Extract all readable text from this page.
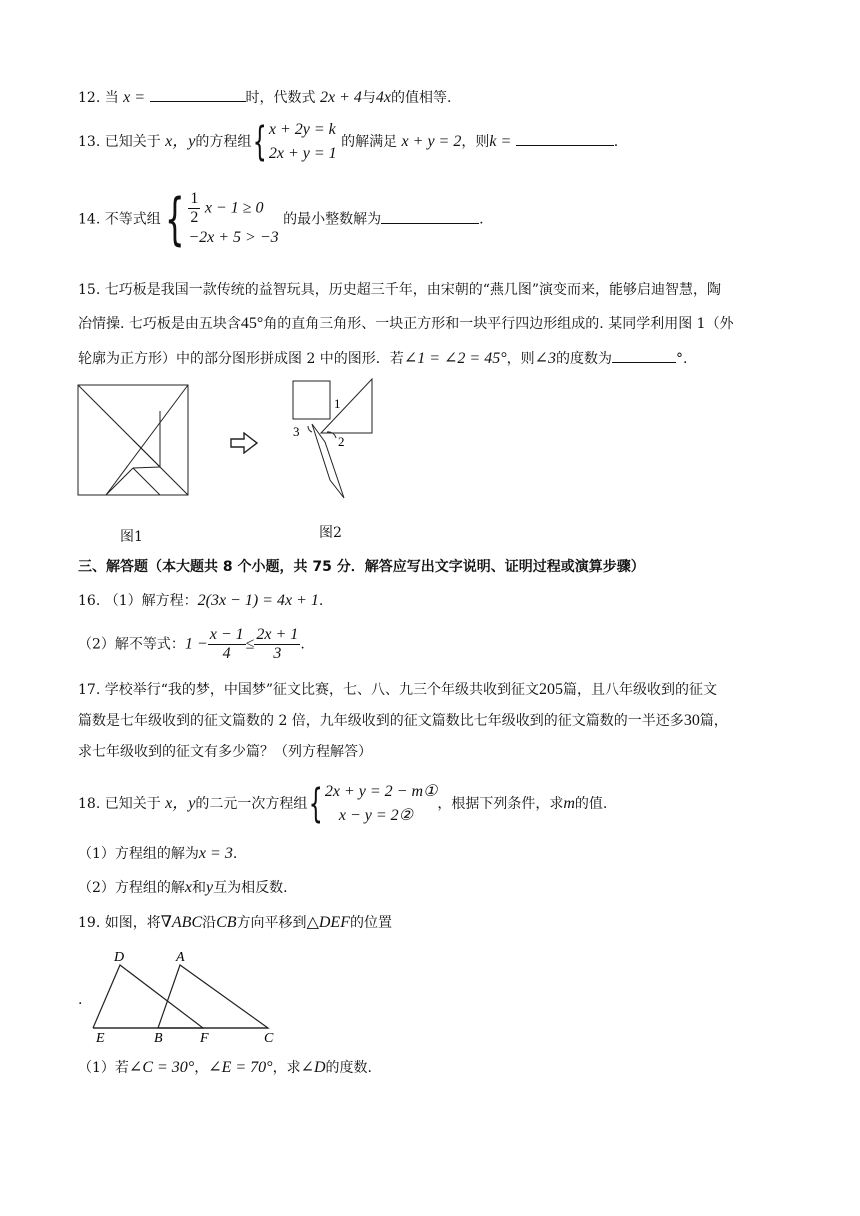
12. 当 x =	时，代数式 2x + 4与4x的值相等.
13. 已知关于 x，y的方程组{ x + 2y = k
2x + y = 1
的解满足 x + y = 2，则k =	.
14. 不等式组{ $\frac{1}{2}$ x − 1 ≥ 0
−2x + 5 > −3
的最小整数解为	.
15. 七巧板是我国一款传统的益智玩具，历史超三千年，由宋朝的“燕几图”演变而来，能够启迪智慧，陶
冶情操. 七巧板是由五块含45°角的直角三角形、一块正方形和一块平行四边形组成的. 某同学利用图 1（外
轮廓为正方形）中的部分图形拼成图 2 中的图形．若∠1 = ∠2 = 45°，则∠3的度数为	°.
图1
1
2
3
图2
三、解答题（本大题共 8 个小题，共 75 分．解答应写出文字说明、证明过程或演算步骤）
16. （1）解方程：2(3x − 1) = 4x + 1.
（2）解不等式：$1 - \frac{x - 1}{4} \le \frac{2x + 1}{3}$ .
17. 学校举行“我的梦，中国梦”征文比赛，七、八、九三个年级共收到征文205篇，且八年级收到的征文
篇数是七年级收到的征文篇数的 2 倍，九年级收到的征文篇数比七年级收到的征文篇数的一半还多30篇，
求七年级收到的征文有多少篇？（列方程解答）
18. 已知关于 x，y的二元一次方程组{ 2x + y = 2 − m①
x − y = 2②
，根据下列条件，求m的值.
（1）方程组的解为x = 3.
（2）方程组的解x和y互为相反数.
19. 如图，将∇ABC沿CB方向平移到△DEF的位置
.
D	A
E	B	F	C
（1）若∠C = 30°，∠E = 70°，求∠D的度数.
